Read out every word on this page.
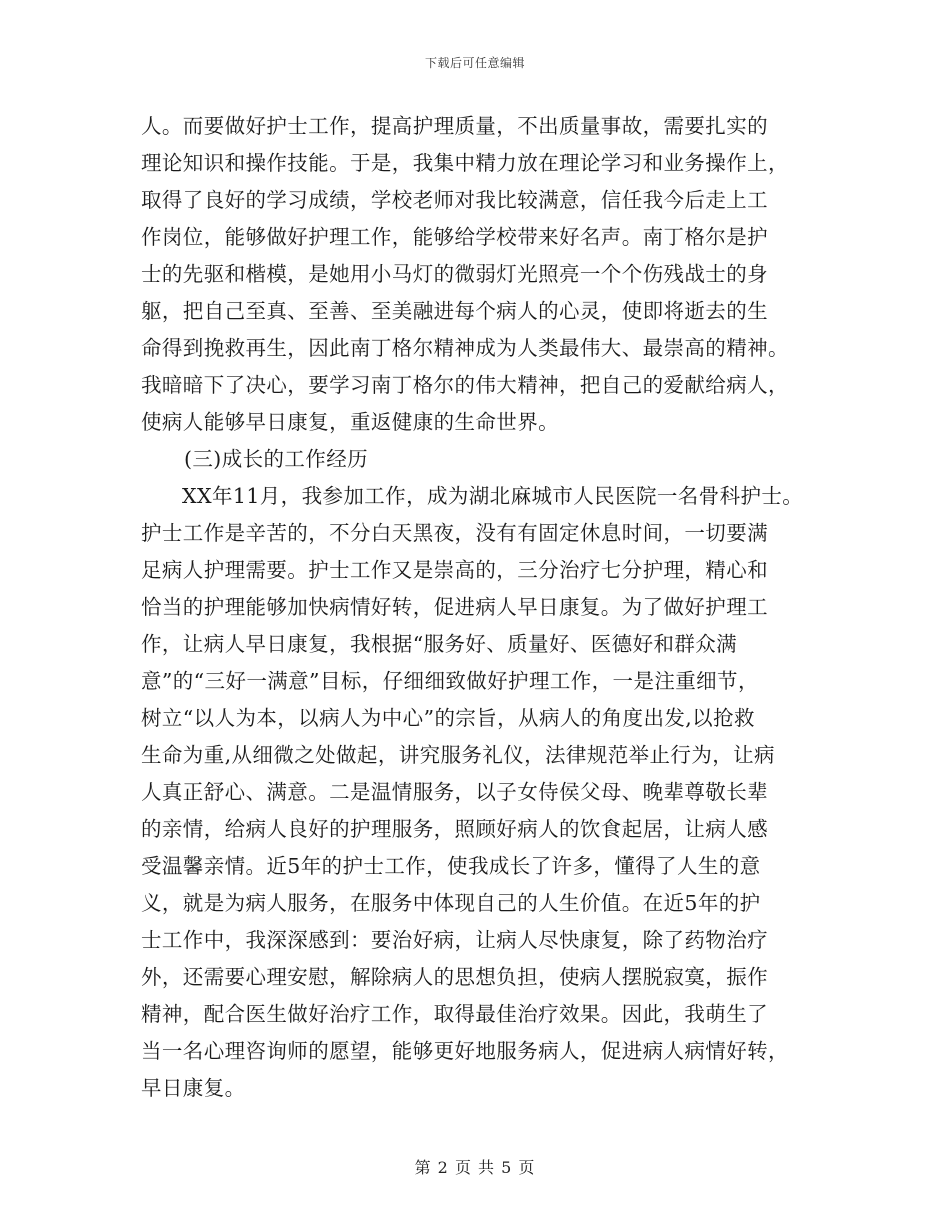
下载后可任意编辑
人。而要做好护士工作，提高护理质量，不出质量事故，需要扎实的
理论知识和操作技能。于是，我集中精力放在理论学习和业务操作上，
取得了良好的学习成绩，学校老师对我比较满意，信任我今后走上工
作岗位，能够做好护理工作，能够给学校带来好名声。南丁格尔是护
士的先驱和楷模，是她用小马灯的微弱灯光照亮一个个伤残战士的身
躯，把自己至真、至善、至美融进每个病人的心灵，使即将逝去的生
命得到挽救再生，因此南丁格尔精神成为人类最伟大、最崇高的精神。
我暗暗下了决心，要学习南丁格尔的伟大精神，把自己的爱献给病人，
使病人能够早日康复，重返健康的生命世界。
(三)成长的工作经历
XX年11月，我参加工作，成为湖北麻城市人民医院一名骨科护士。
护士工作是辛苦的，不分白天黑夜，没有有固定休息时间，一切要满
足病人护理需要。护士工作又是崇高的，三分治疗七分护理，精心和
恰当的护理能够加快病情好转，促进病人早日康复。为了做好护理工
作，让病人早日康复，我根据“服务好、质量好、医德好和群众满
意”的“三好一满意”目标，仔细细致做好护理工作，一是注重细节，
树立“以人为本，以病人为中心”的宗旨，从病人的角度出发,以抢救
生命为重,从细微之处做起，讲究服务礼仪，法律规范举止行为，让病
人真正舒心、满意。二是温情服务，以子女侍侯父母、晚辈尊敬长辈
的亲情，给病人良好的护理服务，照顾好病人的饮食起居，让病人感
受温馨亲情。近5年的护士工作，使我成长了许多，懂得了人生的意
义，就是为病人服务，在服务中体现自己的人生价值。在近5年的护
士工作中，我深深感到：要治好病，让病人尽快康复，除了药物治疗
外，还需要心理安慰，解除病人的思想负担，使病人摆脱寂寞，振作
精神，配合医生做好治疗工作，取得最佳治疗效果。因此，我萌生了
当一名心理咨询师的愿望，能够更好地服务病人，促进病人病情好转，
早日康复。
第 2 页 共 5 页
